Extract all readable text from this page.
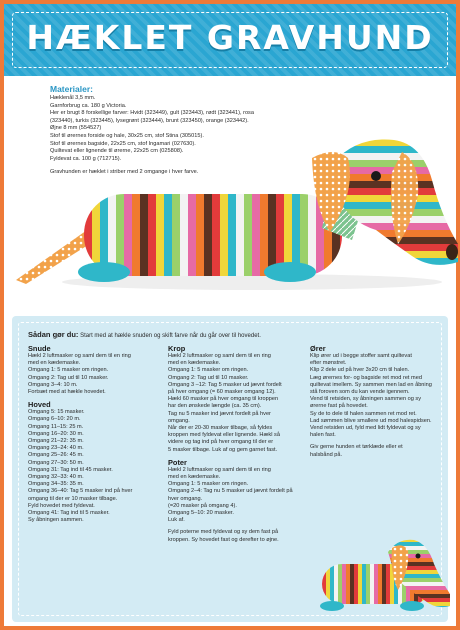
HÆKLET GRAVHUND
Materialer:
Hæklenål 3,5 mm.
Garnforbrug ca. 180 g Victoria.
Her er brugt 8 forskellige farver: Hvidt (323449), gult (323443), rødt (323441), rosa
(323440), turkis (323445), lysegrønt (323444), brunt (323450), orange (323442).
Øjne 8 mm (554527)
Stof til ørernes forside og hale, 30x25 cm, stof Stina (305015).
Stof til ørernes bagside, 22x25 cm, stof Ingamari (027630).
Quiltevat eller lignende til ørerne, 22x25 cm (025808).
Fyldevat ca. 100 g (712715).
Gravhunden er hæklet i striber med 2 omgange i hver farve.
Sådan gør du: Start med at hækle snuden og skift farve når du går over til hovedet.
Snude
Hækl 2 luftmasker og saml dem til en ring
med en kædemaske.
Omgang 1: 5 masker om ringen.
Omgang 2: Tag ud til 10 masker.
Omgang 3–4: 10 m.
Fortsæt med at hækle hovedet.
Hoved
Omgang 5: 15 masker.
Omgang 6–10: 20 m.
Omgang 11–15: 25 m.
Omgang 16–20: 30 m.
Omgang 21–22: 35 m.
Omgang 23–24: 40 m.
Omgang 25–26: 45 m.
Omgang 27–30: 50 m.
Omgang 31: Tag ind til 45 masker.
Omgang 32–33: 40 m.
Omgang 34–35: 35 m.
Omgang 36–40: Tag 5 masker ind på hver
omgang til der er 10 masker tilbage.
Fyld hovedet med fyldevat.
Omgang 41: Tag ind til 5 masker.
Sy åbningen sammen.
Krop
Hækl 2 luftmasker og saml dem til en ring
med en kædemaske.
Omgang 1: 5 masker om ringen.
Omgang 2: Tag ud til 10 masker.
Omgang 3 –12: Tag 5 masker ud jævnt fordelt
på hver omgang (= 60 masker omgang 12).
Hækl 60 masker på hver omgang til kroppen
har den ønskede længde (ca. 35 cm).
Tag nu 5 masker ind jævnt fordelt på hver
omgang.
Når der er 20-30 masker tilbage, så fyldes
kroppen med fyldevat eller lignende. Hækl så
videre og tag ind på hver omgang til der er
5 masker tilbage. Luk af og gem garnet fast.
Poter
Hækl 2 luftmasker og saml dem til en ring
med en kædemaske.
Omgang 1: 5 masker om ringen.
Omgang 2–4: Tag nu 5 masker ud jævnt fordelt på
hver omgang.
(=20 masker på omgang 4).
Omgang 5–10: 20 masker.
Luk af.
Fyld poterne med fyldevat og sy dem fast på
kroppen. Sy hovedet fast og derefter to øjne.
Ører
Klip ører ud i begge stoffer samt quiltevat
efter mønstret.
Klip 2 dele ud på hver 3x20 cm til halen.
Læg ørernes for- og bagside ret mod ret med
quiltevat imellem. Sy sammen men lad en åbning
stå foroven som du kan vende igennem.
Vend til retsiden, sy åbningen sammen og sy
ørerne fast på hovedet.
Sy de to dele til halen sammen ret mod ret.
Lad sømmen blive smallere ud mod halespidsen.
Vend retsiden ud, fyld med lidt fyldevat og sy
halen fast.
Giv gerne hunden et tørklæde eller et
halsbånd på.
